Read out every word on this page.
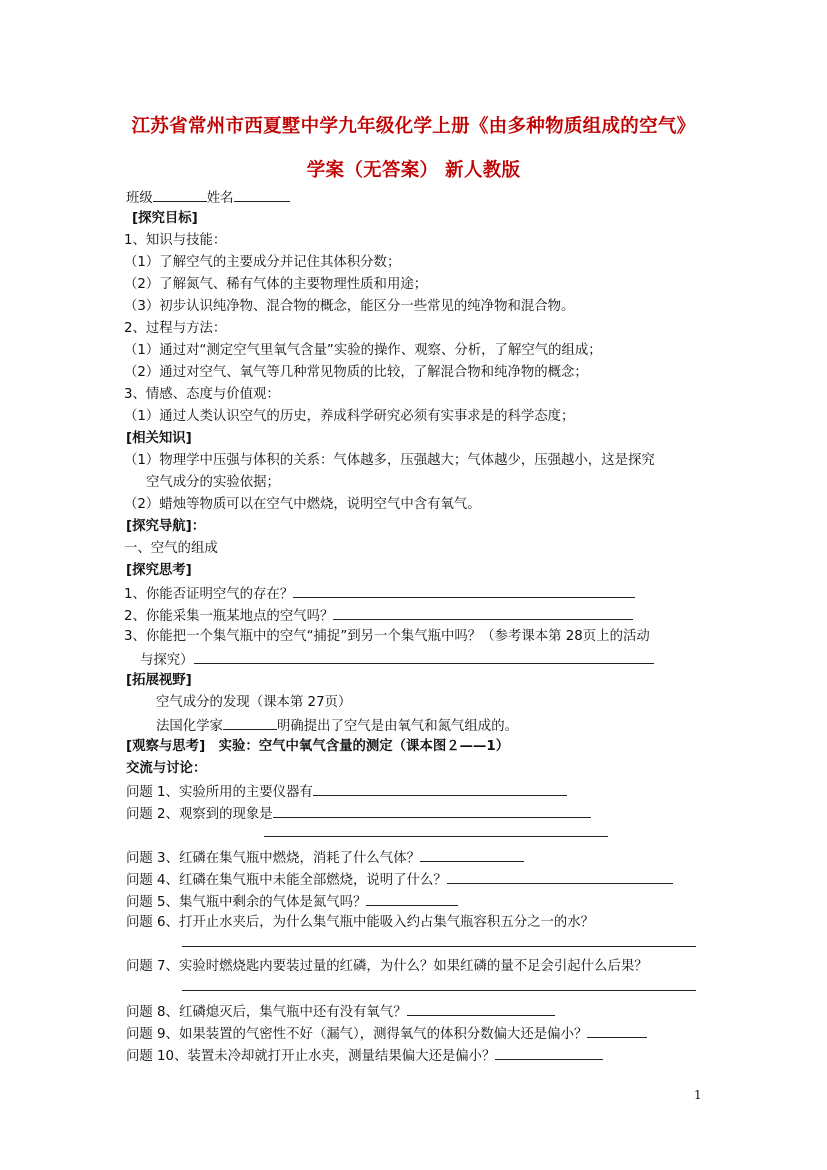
江苏省常州市西夏墅中学九年级化学上册《由多种物质组成的空气》
学案（无答案） 新人教版
班级	姓名
[探究目标]
1、知识与技能：
（1）了解空气的主要成分并记住其体积分数；
（2）了解氮气、稀有气体的主要物理性质和用途；
（3）初步认识纯净物、混合物的概念，能区分一些常见的纯净物和混合物。
2、过程与方法：
（1）通过对“测定空气里氧气含量”实验的操作、观察、分析，了解空气的组成；
（2）通过对空气、氧气等几种常见物质的比较，了解混合物和纯净物的概念；
3、情感、态度与价值观：
（1）通过人类认识空气的历史，养成科学研究必须有实事求是的科学态度；
[相关知识]
（1）物理学中压强与体积的关系：气体越多，压强越大；气体越少，压强越小，这是探究
空气成分的实验依据；
（2）蜡烛等物质可以在空气中燃烧，说明空气中含有氧气。
[探究导航]：
一、空气的组成
[探究思考]
1、你能否证明空气的存在？
2、你能采集一瓶某地点的空气吗？
3、你能把一个集气瓶中的空气“捕捉”到另一个集气瓶中吗？（参考课本第 28页上的活动
与探究）
[拓展视野]
空气成分的发现（课本第 27页）
法国化学家	明确提出了空气是由氧气和氮气组成的。
[观察与思考]　实验：空气中氧气含量的测定（课本图２——1）
交流与讨论：
问题 1、实验所用的主要仪器有
问题 2、观察到的现象是
问题 3、红磷在集气瓶中燃烧，消耗了什么气体？
问题 4、红磷在集气瓶中未能全部燃烧，说明了什么？
问题 5、集气瓶中剩余的气体是氮气吗？
问题 6、打开止水夹后，为什么集气瓶中能吸入约占集气瓶容积五分之一的水？
问题 7、实验时燃烧匙内要装过量的红磷，为什么？如果红磷的量不足会引起什么后果？
问题 8、红磷熄灭后，集气瓶中还有没有氧气？
问题 9、如果装置的气密性不好（漏气），测得氧气的体积分数偏大还是偏小？
问题 10、装置未冷却就打开止水夹，测量结果偏大还是偏小？
1
